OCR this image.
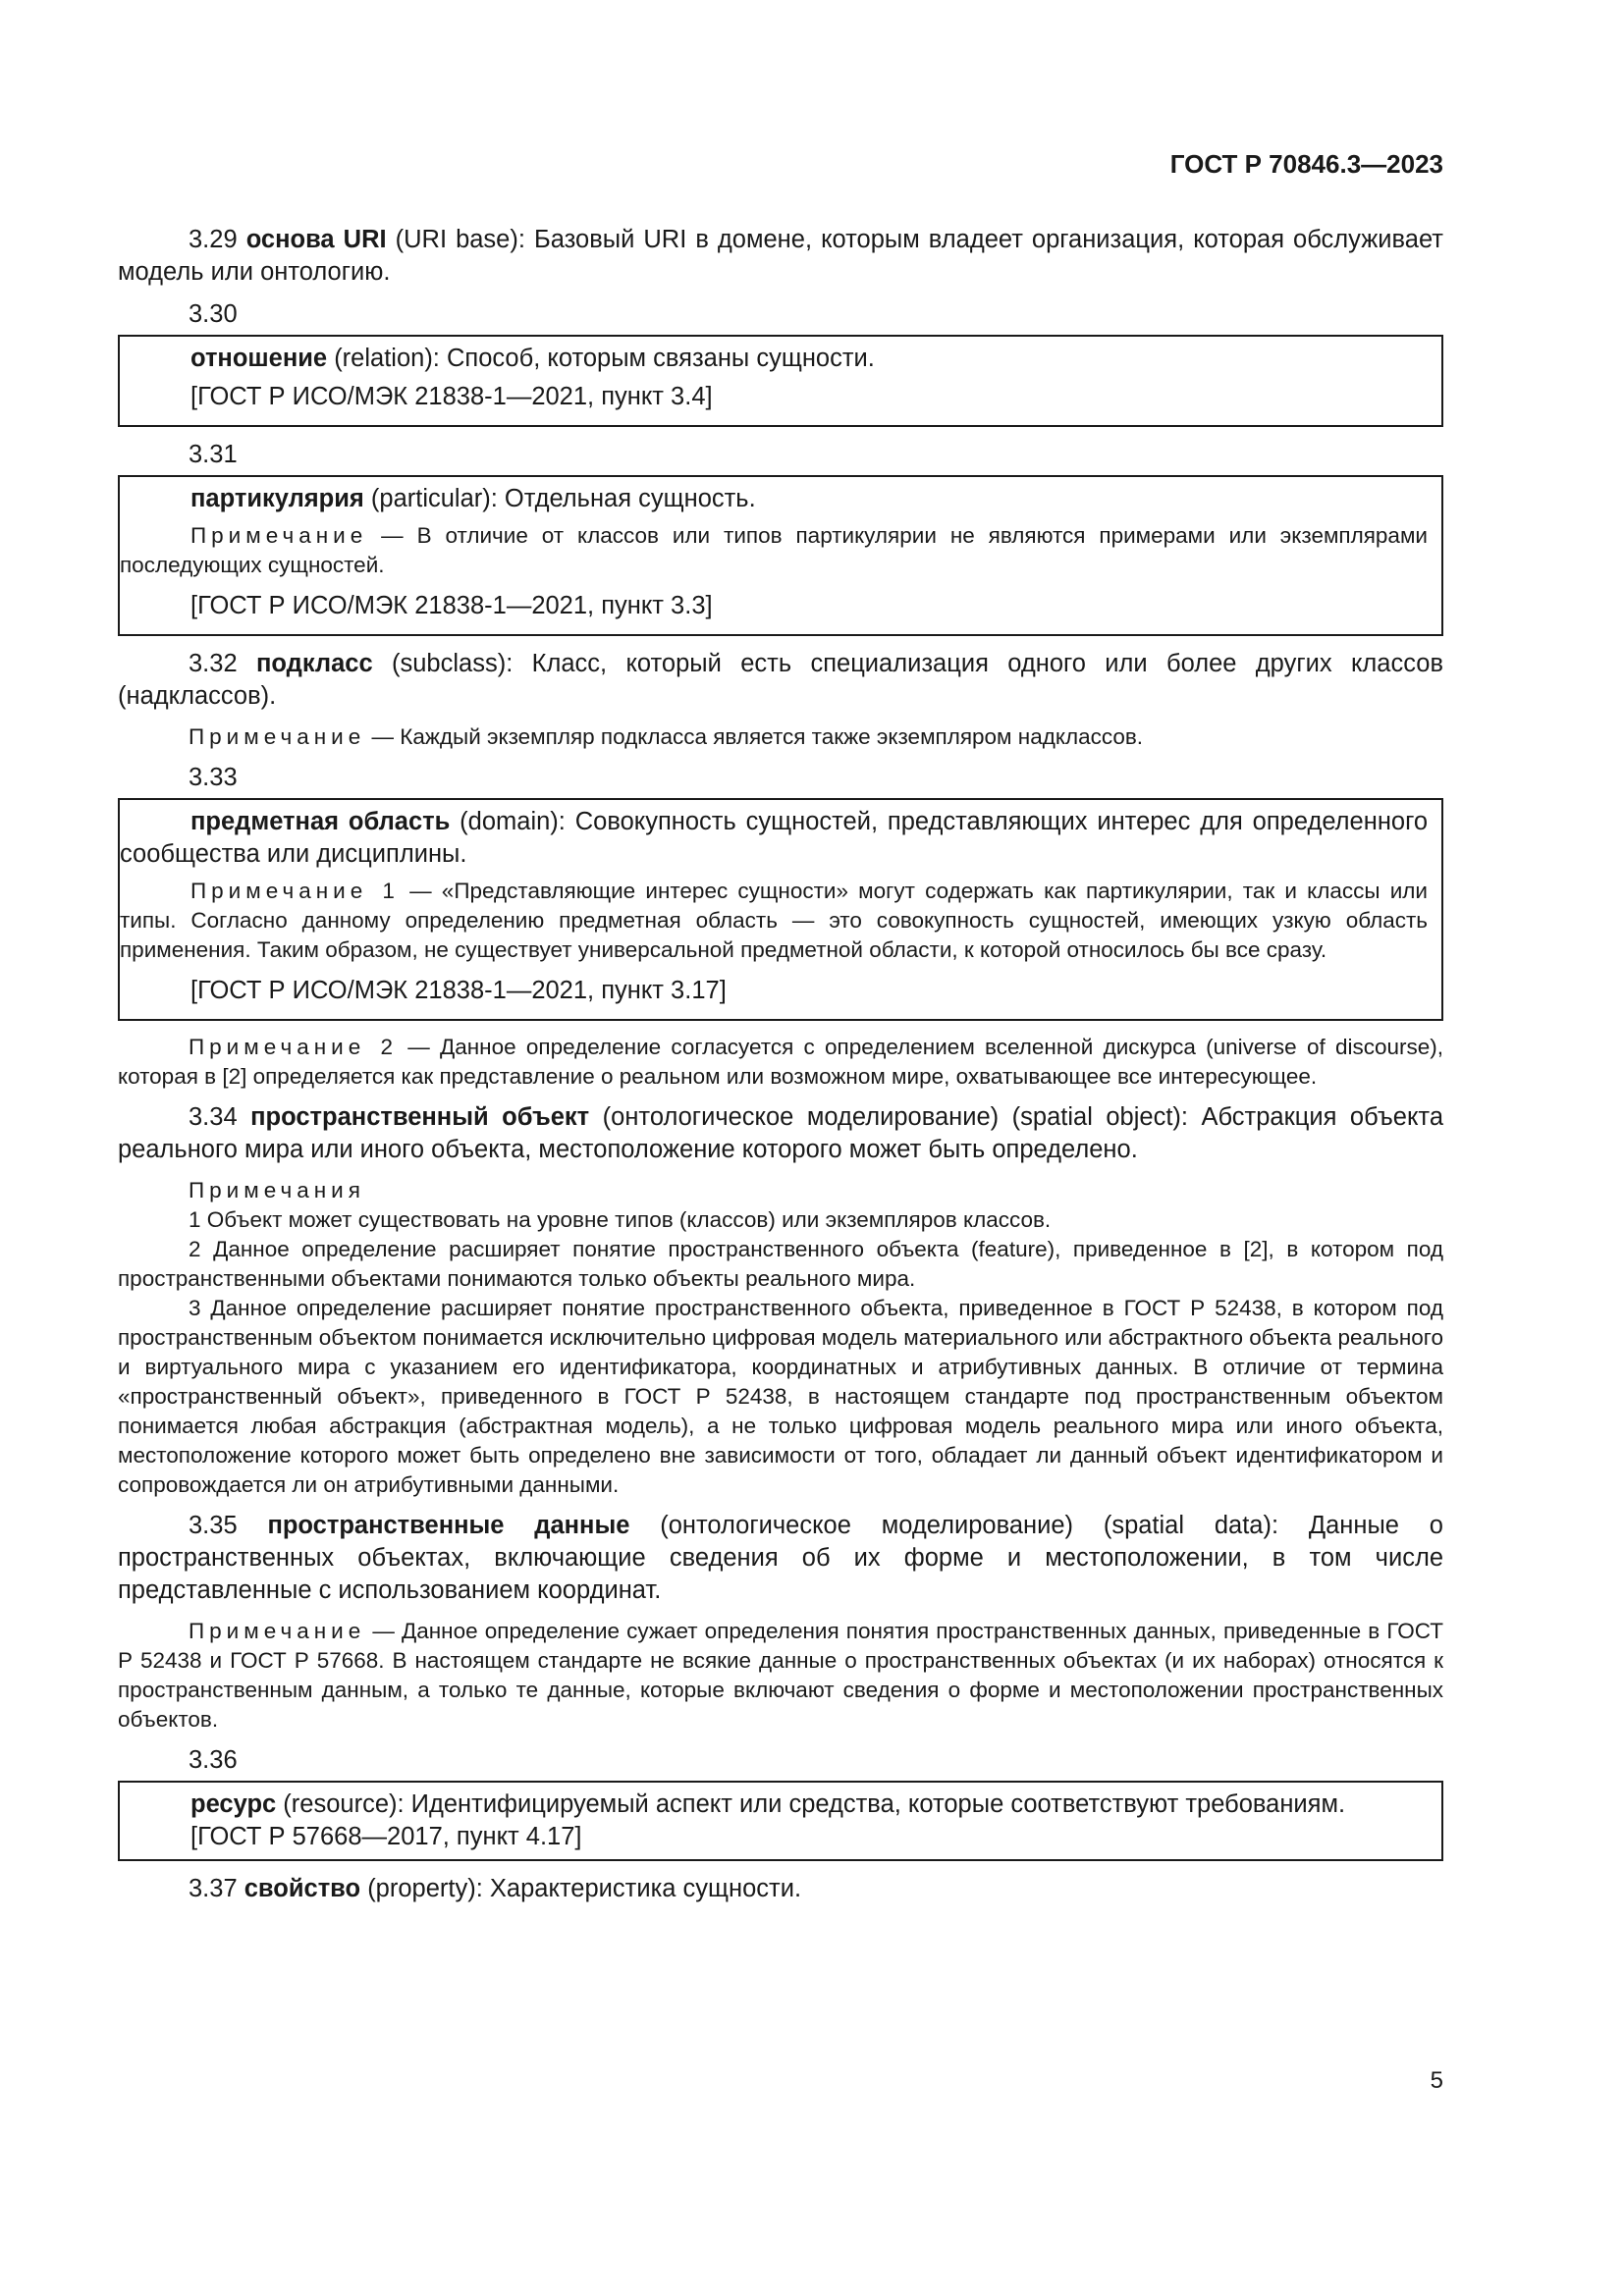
ГОСТ Р 70846.3—2023

3.29 основа URI (URI base): Базовый URI в домене, которым владеет организация, которая обслуживает модель или онтологию.

3.30

отношение (relation): Способ, которым связаны сущности.

[ГОСТ Р ИСО/МЭК 21838-1—2021, пункт 3.4]

3.31

партикулярия (particular): Отдельная сущность.

Примечание — В отличие от классов или типов партикулярии не являются примерами или экземплярами последующих сущностей.

[ГОСТ Р ИСО/МЭК 21838-1—2021, пункт 3.3]

3.32 подкласс (subclass): Класс, который есть специализация одного или более других классов (надклассов).

Примечание — Каждый экземпляр подкласса является также экземпляром надклассов.

3.33

предметная область (domain): Совокупность сущностей, представляющих интерес для определенного сообщества или дисциплины.

Примечание 1 — «Представляющие интерес сущности» могут содержать как партикулярии, так и классы или типы. Согласно данному определению предметная область — это совокупность сущностей, имеющих узкую область применения. Таким образом, не существует универсальной предметной области, к которой относилось бы все сразу.

[ГОСТ Р ИСО/МЭК 21838-1—2021, пункт 3.17]

Примечание 2 — Данное определение согласуется с определением вселенной дискурса (universe of discourse), которая в [2] определяется как представление о реальном или возможном мире, охватывающее все интересующее.

3.34 пространственный объект (онтологическое моделирование) (spatial object): Абстракция объекта реального мира или иного объекта, местоположение которого может быть определено.

Примечания

1 Объект может существовать на уровне типов (классов) или экземпляров классов.

2 Данное определение расширяет понятие пространственного объекта (feature), приведенное в [2], в котором под пространственными объектами понимаются только объекты реального мира.

3 Данное определение расширяет понятие пространственного объекта, приведенное в ГОСТ Р 52438, в котором под пространственным объектом понимается исключительно цифровая модель материального или абстрактного объекта реального и виртуального мира с указанием его идентификатора, координатных и атрибутивных данных. В отличие от термина «пространственный объект», приведенного в ГОСТ Р 52438, в настоящем стандарте под пространственным объектом понимается любая абстракция (абстрактная модель), а не только цифровая модель реального мира или иного объекта, местоположение которого может быть определено вне зависимости от того, обладает ли данный объект идентификатором и сопровождается ли он атрибутивными данными.

3.35 пространственные данные (онтологическое моделирование) (spatial data): Данные о пространственных объектах, включающие сведения об их форме и местоположении, в том числе представленные с использованием координат.

Примечание — Данное определение сужает определения понятия пространственных данных, приведенные в ГОСТ Р 52438 и ГОСТ Р 57668. В настоящем стандарте не всякие данные о пространственных объектах (и их наборах) относятся к пространственным данным, а только те данные, которые включают сведения о форме и местоположении пространственных объектов.

3.36

ресурс (resource): Идентифицируемый аспект или средства, которые соответствуют требованиям.

[ГОСТ Р 57668—2017, пункт 4.17]

3.37 свойство (property): Характеристика сущности.

5
